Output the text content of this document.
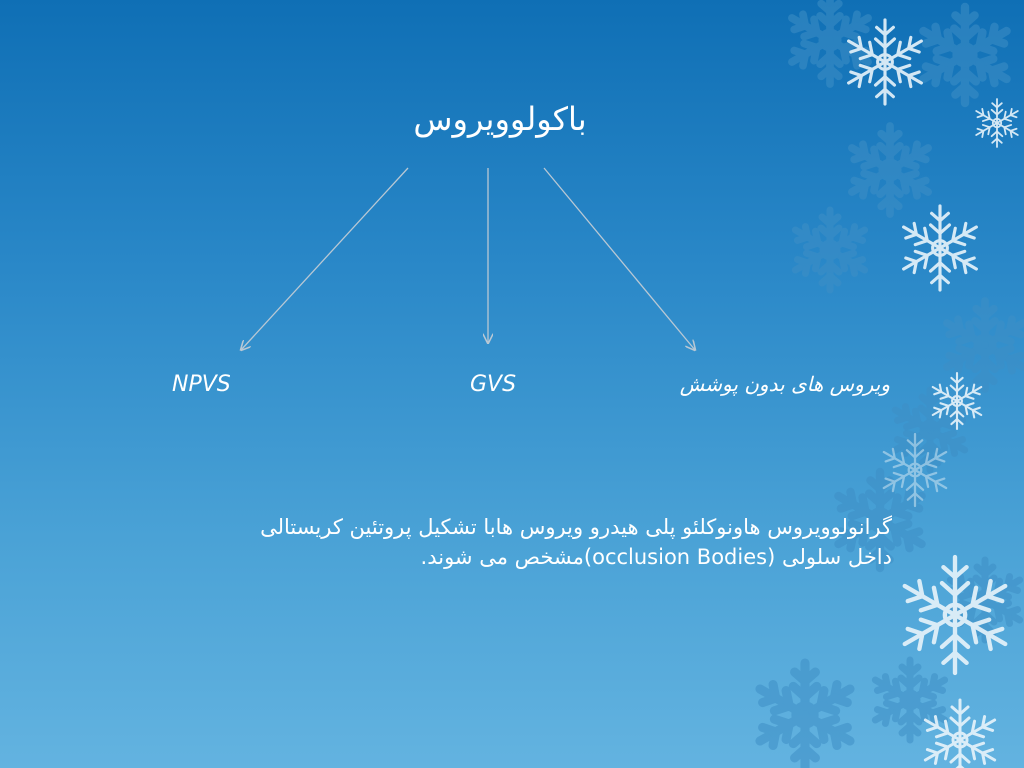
باکولوویروس
NPVS	GVS	ویروس های بدون پوشش
گرانولوویروس هاونوکلئو پلی هیدرو ویروس هابا تشکیل پروتئین کریستالی
داخل سلولی (occlusion Bodies)مشخص می شوند.
